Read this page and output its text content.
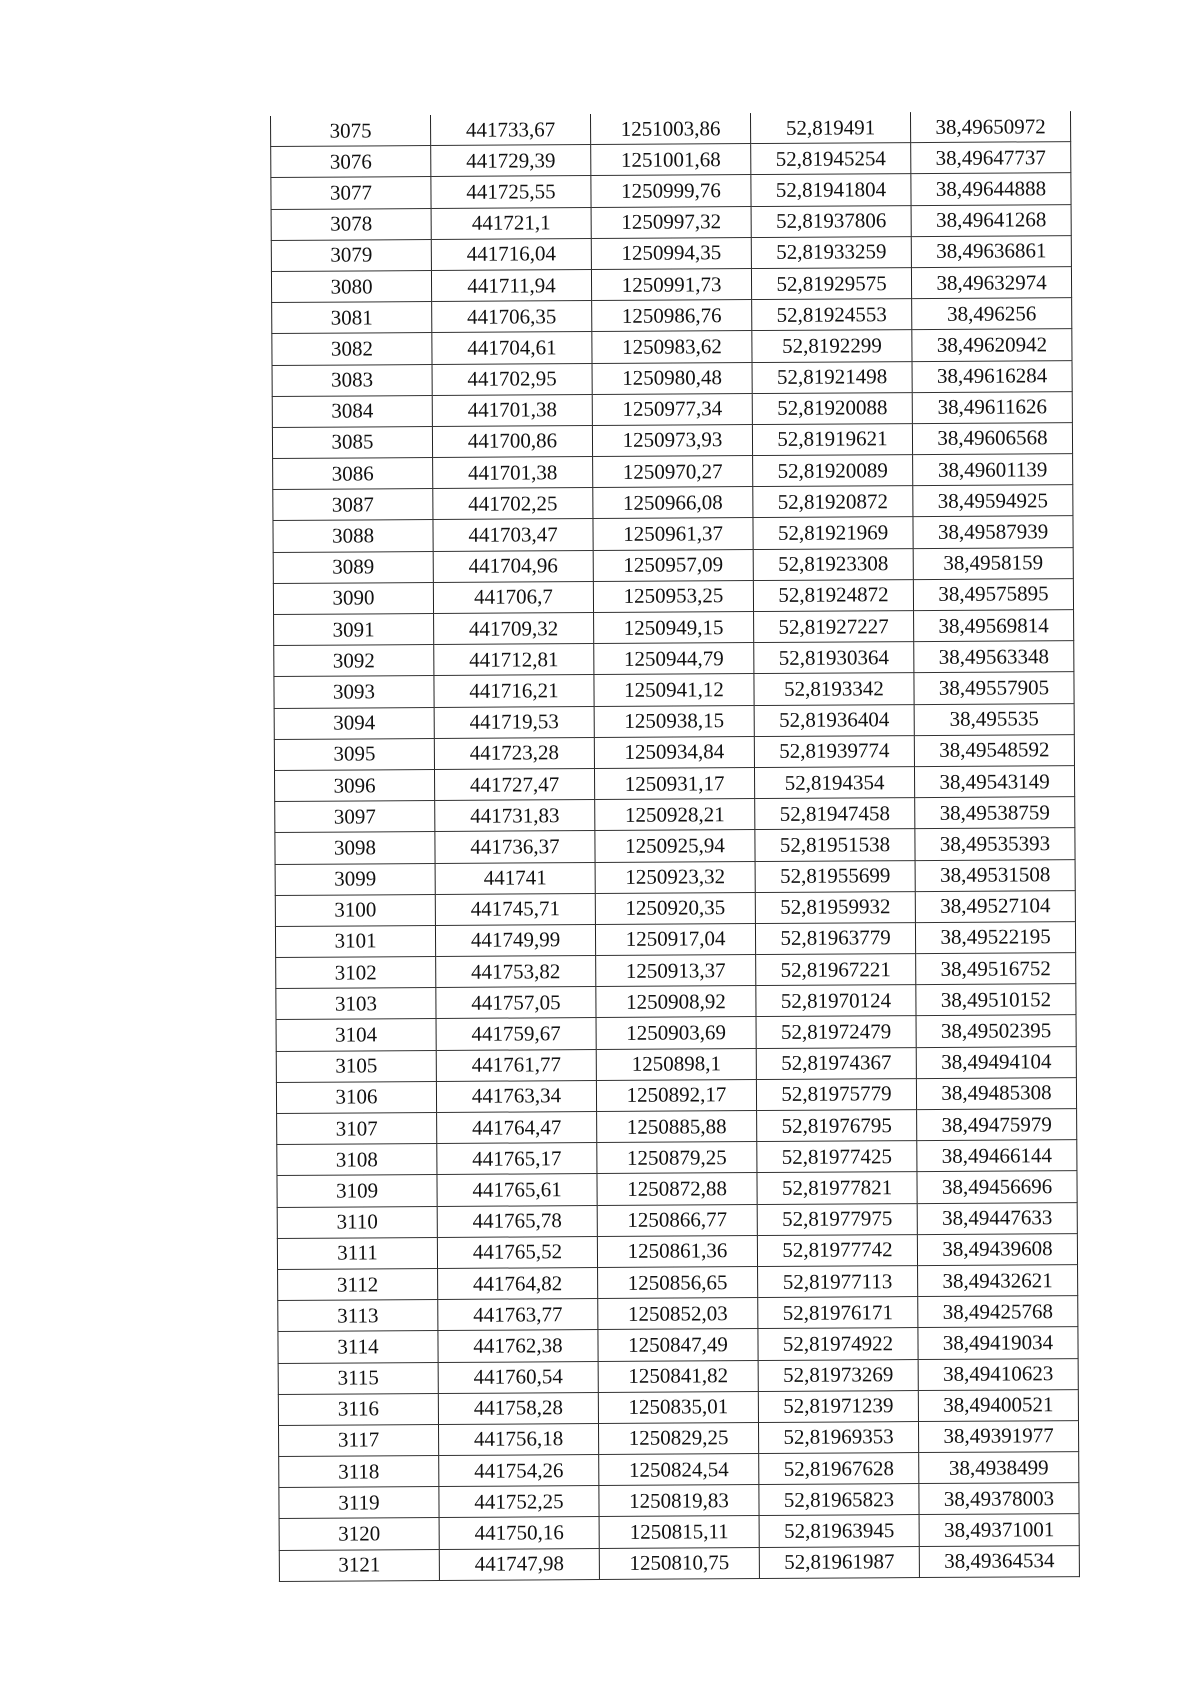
3075	441733,67	1251003,86	52,819491	38,49650972
3076	441729,39	1251001,68	52,81945254	38,49647737
3077	441725,55	1250999,76	52,81941804	38,49644888
3078	441721,1	1250997,32	52,81937806	38,49641268
3079	441716,04	1250994,35	52,81933259	38,49636861
3080	441711,94	1250991,73	52,81929575	38,49632974
3081	441706,35	1250986,76	52,81924553	38,496256
3082	441704,61	1250983,62	52,8192299	38,49620942
3083	441702,95	1250980,48	52,81921498	38,49616284
3084	441701,38	1250977,34	52,81920088	38,49611626
3085	441700,86	1250973,93	52,81919621	38,49606568
3086	441701,38	1250970,27	52,81920089	38,49601139
3087	441702,25	1250966,08	52,81920872	38,49594925
3088	441703,47	1250961,37	52,81921969	38,49587939
3089	441704,96	1250957,09	52,81923308	38,4958159
3090	441706,7	1250953,25	52,81924872	38,49575895
3091	441709,32	1250949,15	52,81927227	38,49569814
3092	441712,81	1250944,79	52,81930364	38,49563348
3093	441716,21	1250941,12	52,8193342	38,49557905
3094	441719,53	1250938,15	52,81936404	38,495535
3095	441723,28	1250934,84	52,81939774	38,49548592
3096	441727,47	1250931,17	52,8194354	38,49543149
3097	441731,83	1250928,21	52,81947458	38,49538759
3098	441736,37	1250925,94	52,81951538	38,49535393
3099	441741	1250923,32	52,81955699	38,49531508
3100	441745,71	1250920,35	52,81959932	38,49527104
3101	441749,99	1250917,04	52,81963779	38,49522195
3102	441753,82	1250913,37	52,81967221	38,49516752
3103	441757,05	1250908,92	52,81970124	38,49510152
3104	441759,67	1250903,69	52,81972479	38,49502395
3105	441761,77	1250898,1	52,81974367	38,49494104
3106	441763,34	1250892,17	52,81975779	38,49485308
3107	441764,47	1250885,88	52,81976795	38,49475979
3108	441765,17	1250879,25	52,81977425	38,49466144
3109	441765,61	1250872,88	52,81977821	38,49456696
3110	441765,78	1250866,77	52,81977975	38,49447633
3111	441765,52	1250861,36	52,81977742	38,49439608
3112	441764,82	1250856,65	52,81977113	38,49432621
3113	441763,77	1250852,03	52,81976171	38,49425768
3114	441762,38	1250847,49	52,81974922	38,49419034
3115	441760,54	1250841,82	52,81973269	38,49410623
3116	441758,28	1250835,01	52,81971239	38,49400521
3117	441756,18	1250829,25	52,81969353	38,49391977
3118	441754,26	1250824,54	52,81967628	38,4938499
3119	441752,25	1250819,83	52,81965823	38,49378003
3120	441750,16	1250815,11	52,81963945	38,49371001
3121	441747,98	1250810,75	52,81961987	38,49364534
